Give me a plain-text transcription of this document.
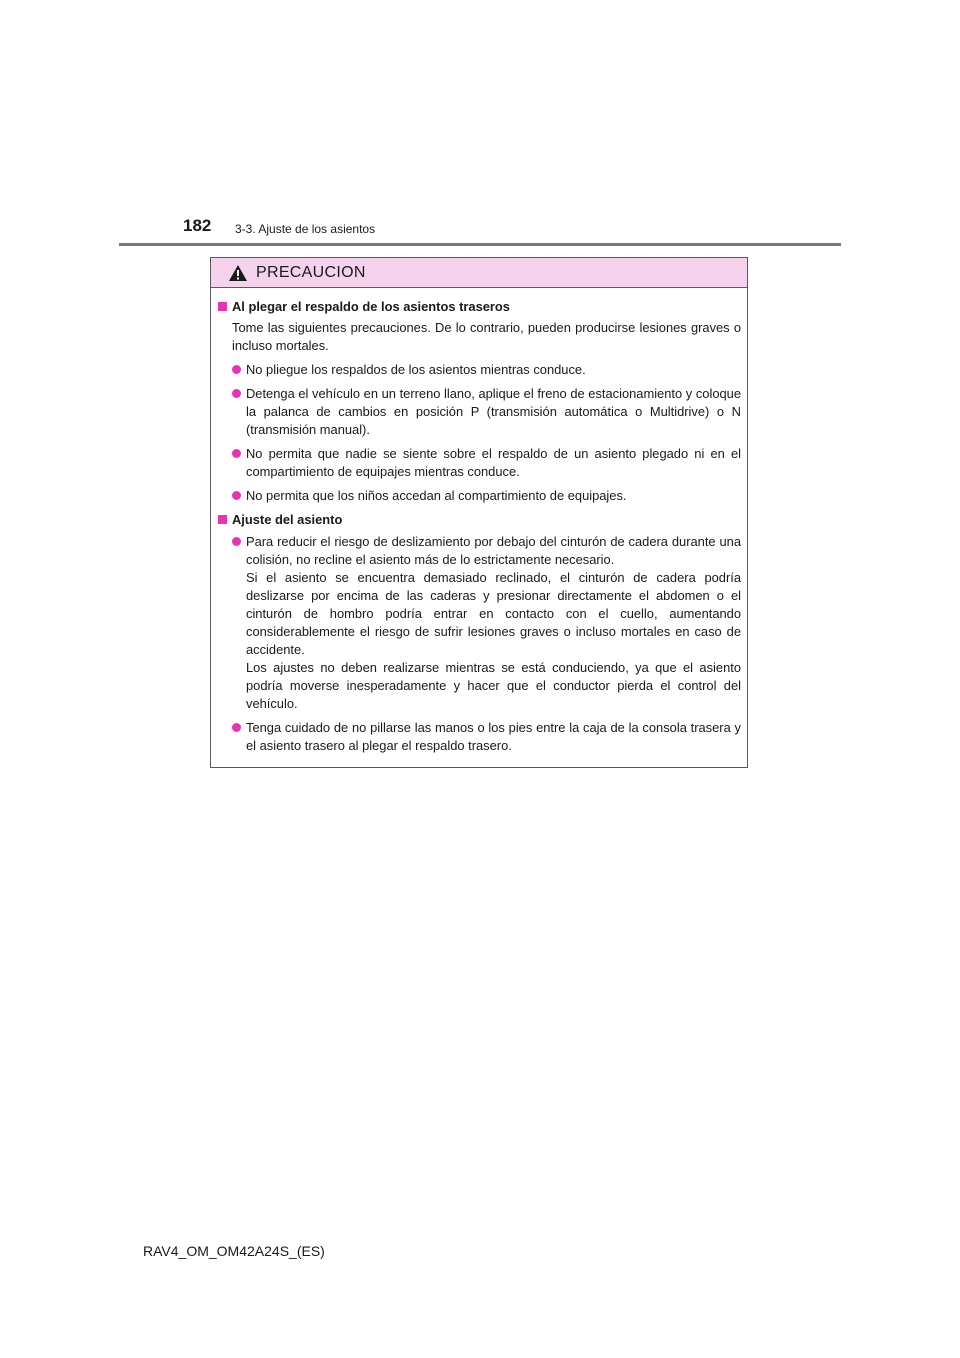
182 3-3. Ajuste de los asientos
PRECAUCION
Al plegar el respaldo de los asientos traseros
Tome las siguientes precauciones. De lo contrario, pueden producirse lesiones graves o incluso mortales.
No pliegue los respaldos de los asientos mientras conduce.
Detenga el vehículo en un terreno llano, aplique el freno de estacionamiento y coloque la palanca de cambios en posición P (transmisión automática o Multidrive) o N (transmisión manual).
No permita que nadie se siente sobre el respaldo de un asiento plegado ni en el compartimiento de equipajes mientras conduce.
No permita que los niños accedan al compartimiento de equipajes.
Ajuste del asiento

Para reducir el riesgo de deslizamiento por debajo del cinturón de cadera durante una colisión, no recline el asiento más de lo estrictamente necesario.

Si el asiento se encuentra demasiado reclinado, el cinturón de cadera podría deslizarse por encima de las caderas y presionar directamente el abdomen o el cinturón de hombro podría entrar en contacto con el cuello, aumentando considerablemente el riesgo de sufrir lesiones graves o incluso mortales en caso de accidente.

Los ajustes no deben realizarse mientras se está conduciendo, ya que el asiento podría moverse inesperadamente y hacer que el conductor pierda el control del vehículo.

Tenga cuidado de no pillarse las manos o los pies entre la caja de la consola trasera y el asiento trasero al plegar el respaldo trasero.
RAV4_OM_OM42A24S_(ES)
